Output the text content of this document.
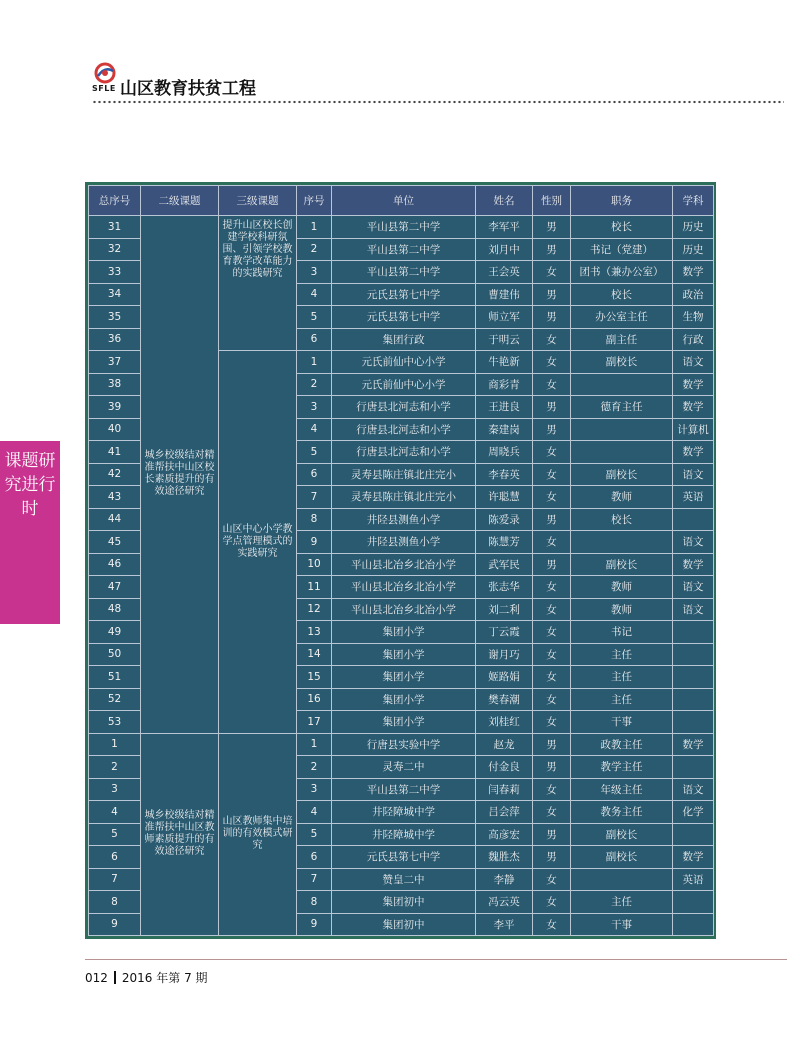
SFLE 山区教育扶贫工程
课题研究进行时
总序号	二级课题	三级课题	序号	单位	姓名	性别	职务	学科
31	城乡校级结对精准帮扶中山区校长素质提升的有效途径研究	提升山区校长创建学校科研氛围、引领学校教育教学改革能力的实践研究	1	平山县第二中学	李军平	男	校长	历史
32			2	平山县第二中学	刘月中	男	书记（党建）	历史
33			3	平山县第二中学	王会英	女	团书（兼办公室）	数学
34			4	元氏县第七中学	曹建伟	男	校长	政治
35			5	元氏县第七中学	师立军	男	办公室主任	生物
36			6	集团行政	于明云	女	副主任	行政
37		山区中心小学教学点管理模式的实践研究	1	元氏前仙中心小学	牛艳新	女	副校长	语文
38			2	元氏前仙中心小学	商彩青	女		数学
39			3	行唐县北河志和小学	王进良	男	德育主任	数学
40			4	行唐县北河志和小学	秦建岗	男		计算机
41			5	行唐县北河志和小学	周晓兵	女		数学
42			6	灵寿县陈庄镇北庄完小	李春英	女	副校长	语文
43			7	灵寿县陈庄镇北庄完小	许聪慧	女	教师	英语
44			8	井陉县测鱼小学	陈爱录	男	校长	
45			9	井陉县测鱼小学	陈慧芳	女		语文
46			10	平山县北冶乡北冶小学	武军民	男	副校长	数学
47			11	平山县北冶乡北冶小学	张志华	女	教师	语文
48			12	平山县北冶乡北冶小学	刘二利	女	教师	语文
49			13	集团小学	丁云霞	女	书记	
50			14	集团小学	谢月巧	女	主任	
51			15	集团小学	姬路娟	女	主任	
52			16	集团小学	樊春潮	女	主任	
53			17	集团小学	刘桂红	女	干事	
1	城乡校级结对精准帮扶中山区教师素质提升的有效途径研究	山区教师集中培训的有效模式研究	1	行唐县实验中学	赵龙	男	政教主任	数学
2			2	灵寿二中	付金良	男	教学主任	
3			3	平山县第二中学	闫春莉	女	年级主任	语文
4			4	井陉障城中学	吕会萍	女	教务主任	化学
5			5	井陉障城中学	高彦宏	男	副校长	
6			6	元氏县第七中学	魏胜杰	男	副校长	数学
7			7	赞皇二中	李静	女		英语
8			8	集团初中	冯云英	女	主任	
9			9	集团初中	李平	女	干事	
012 2016 年第 7 期
